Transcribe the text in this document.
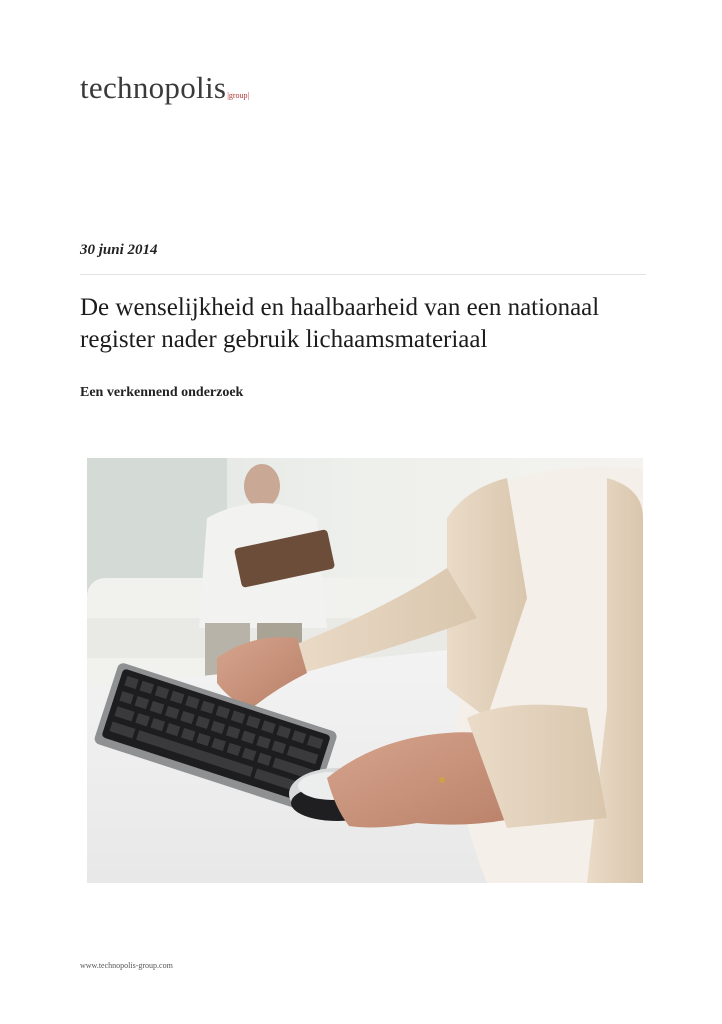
technopolis|group|
30 juni 2014
De wenselijkheid en haalbaarheid van een nationaal register nader gebruik lichaamsmateriaal
Een verkennend onderzoek
www.technopolis-group.com
